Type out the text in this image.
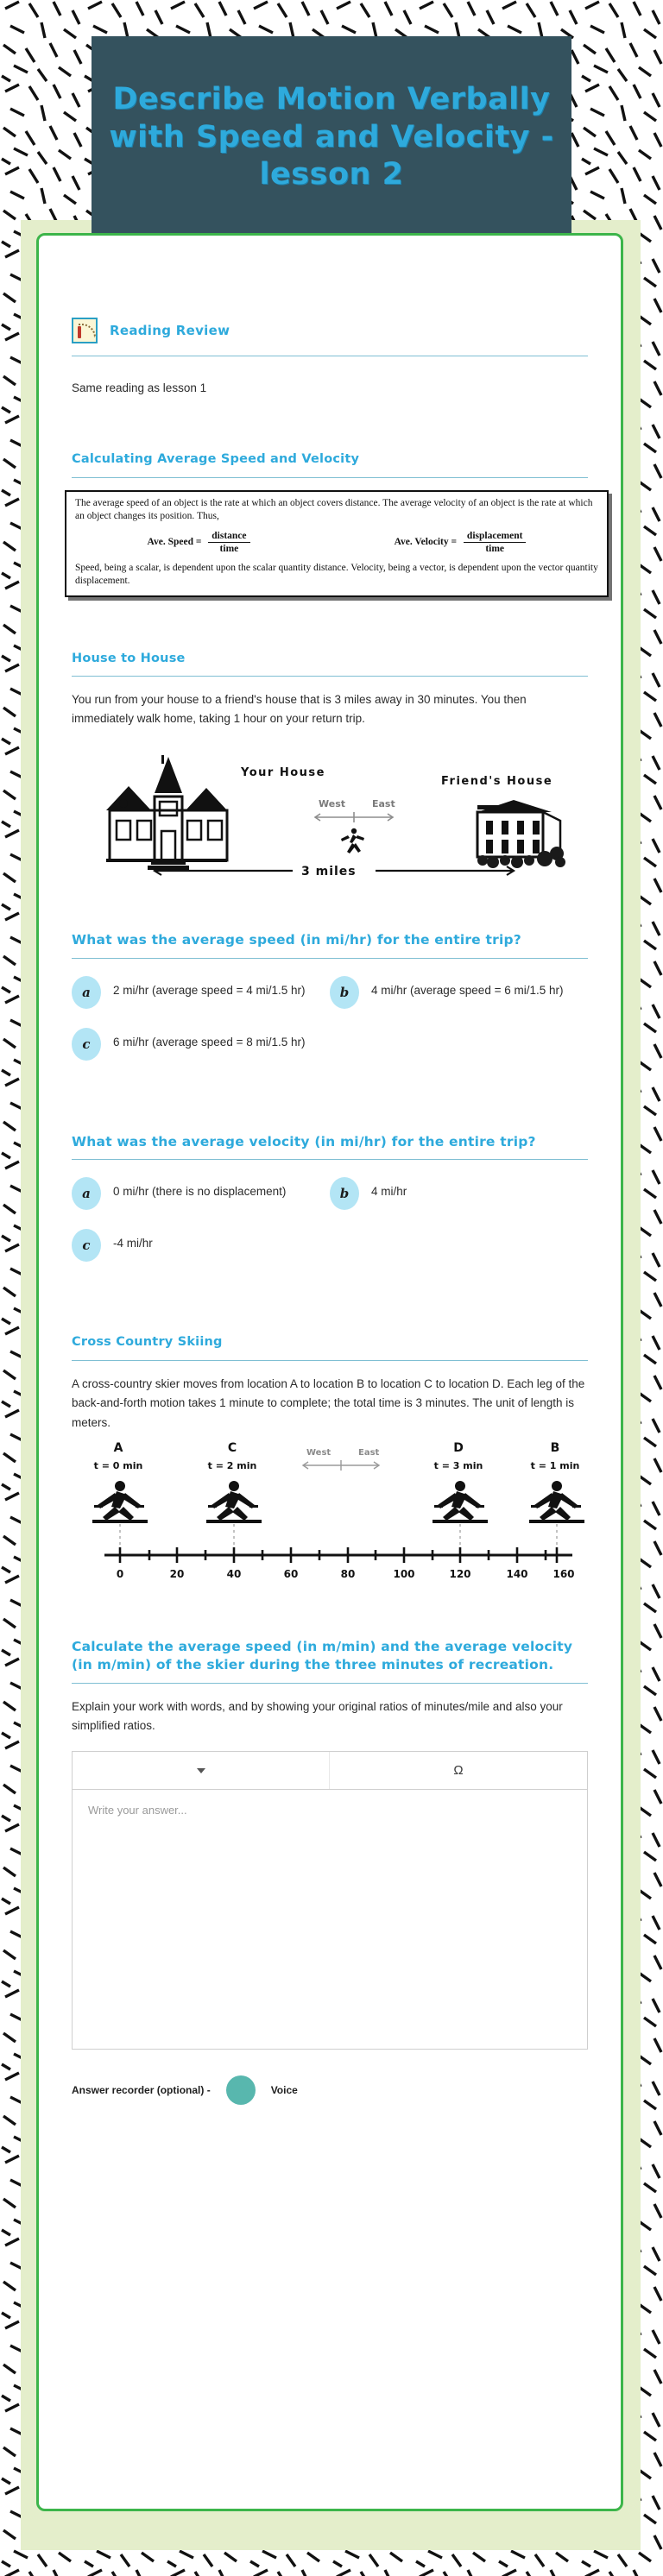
Describe Motion Verbally with Speed and Velocity -lesson 2
Reading Review
Same reading as lesson 1
Calculating Average Speed and Velocity
The average speed of an object is the rate at which an object covers distance. The average velocity of an object is the rate at which an object changes its position. Thus,
Ave. Speed = $\frac{\text{distance}}{\text{time}}$	Ave. Velocity = $\frac{\text{displacement}}{\text{time}}$
Speed, being a scalar, is dependent upon the scalar quantity distance. Velocity, being a vector, is dependent upon the vector quantity displacement.
House to House
You run from your house to a friend's house that is 3 miles away in 30 minutes. You then immediately walk home, taking 1 hour on your return trip.
Your House
West	East
Friend's House
3 miles
What was the average speed (in mi/hr) for the entire trip?
a	2 mi/hr (average speed = 4 mi/1.5 hr)	b	4 mi/hr (average speed = 6 mi/1.5 hr)
c	6 mi/hr (average speed = 8 mi/1.5 hr)
What was the average velocity (in mi/hr) for the entire trip?
a	0 mi/hr (there is no displacement)	b	4 mi/hr
c	-4 mi/hr
Cross Country Skiing
A cross-country skier moves from location A to location B to location C to location D. Each leg of the back-and-forth motion takes 1 minute to complete; the total time is 3 minutes. The unit of length is meters.
A
t = 0 min
C
t = 2 min
D
t = 3 min
B
t = 1 min
West	East
0	20	40	60	80	100	120	140 160
Calculate the average speed (in m/min) and the average velocity (in m/min) of the skier during the three minutes of recreation.
Explain your work with words, and by showing your original ratios of minutes/mile and also your simplified ratios.
Ω
Write your answer...
Answer recorder (optional) -	Voice
